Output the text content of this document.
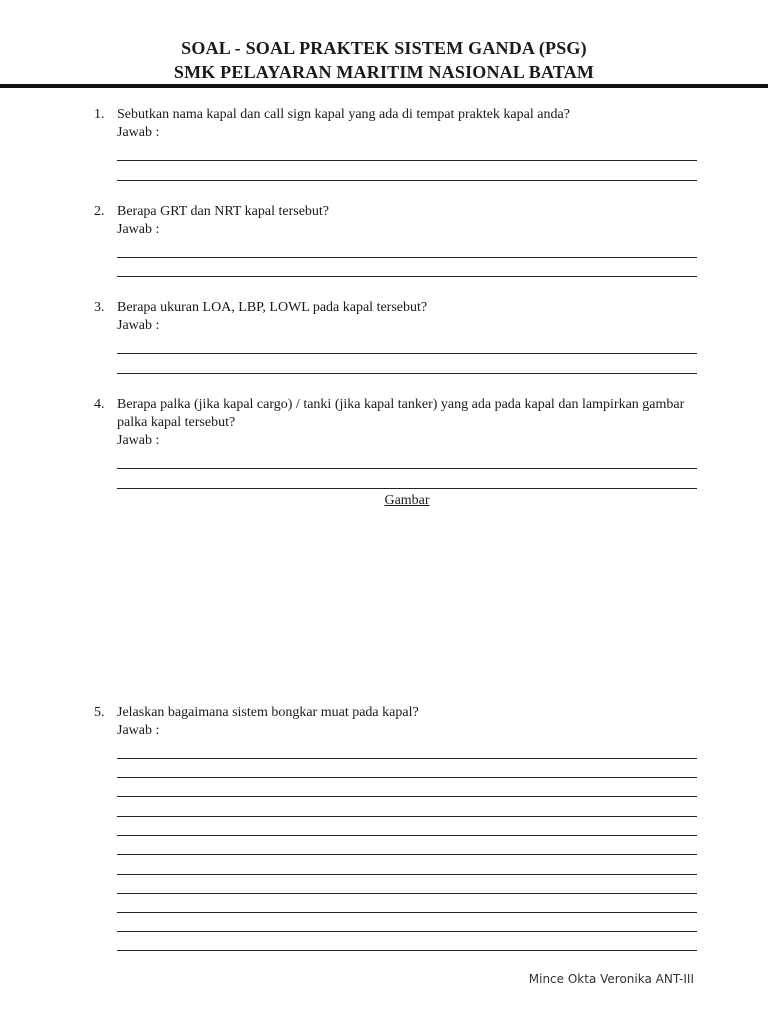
SOAL - SOAL PRAKTEK SISTEM GANDA (PSG)
SMK PELAYARAN MARITIM NASIONAL BATAM
1. Sebutkan nama kapal dan call sign kapal yang ada di tempat praktek kapal anda?
Jawab :
2. Berapa GRT dan NRT kapal tersebut?
Jawab :
3. Berapa ukuran LOA, LBP, LOWL pada kapal tersebut?
Jawab :
4. Berapa palka (jika kapal cargo) / tanki (jika kapal tanker) yang ada pada kapal dan lampirkan gambar palka kapal tersebut?
Jawab :
Gambar
5. Jelaskan bagaimana sistem bongkar muat pada kapal?
Jawab :
Mince Okta Veronika ANT-III
